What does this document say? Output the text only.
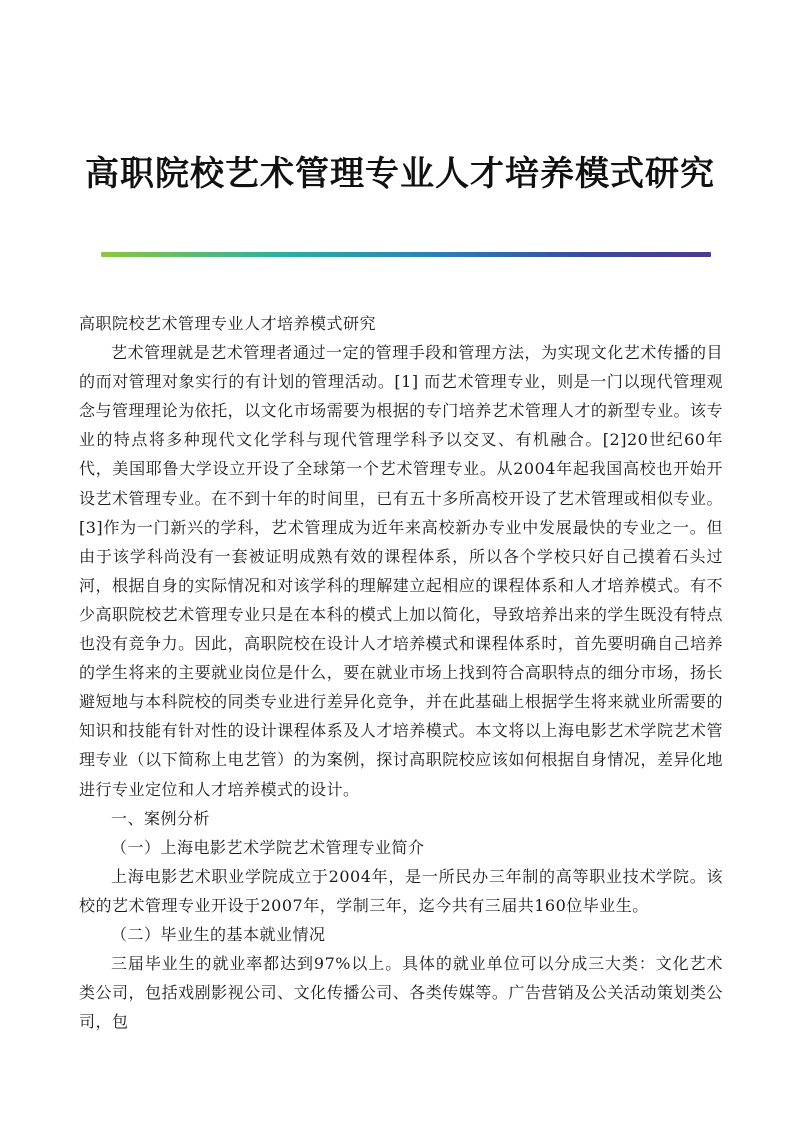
高职院校艺术管理专业人才培养模式研究

高职院校艺术管理专业人才培养模式研究

艺术管理就是艺术管理者通过一定的管理手段和管理方法，为实现文化艺术传播的目的而对管理对象实行的有计划的管理活动。[1] 而艺术管理专业，则是一门以现代管理观念与管理理论为依托，以文化市场需要为根据的专门培养艺术管理人才的新型专业。该专业的特点将多种现代文化学科与现代管理学科予以交叉、有机融合。[2]20世纪60年代，美国耶鲁大学设立开设了全球第一个艺术管理专业。从2004年起我国高校也开始开设艺术管理专业。在不到十年的时间里，已有五十多所高校开设了艺术管理或相似专业。[3]作为一门新兴的学科，艺术管理成为近年来高校新办专业中发展最快的专业之一。但由于该学科尚没有一套被证明成熟有效的课程体系，所以各个学校只好自己摸着石头过河，根据自身的实际情况和对该学科的理解建立起相应的课程体系和人才培养模式。有不少高职院校艺术管理专业只是在本科的模式上加以简化，导致培养出来的学生既没有特点也没有竞争力。因此，高职院校在设计人才培养模式和课程体系时，首先要明确自己培养的学生将来的主要就业岗位是什么，要在就业市场上找到符合高职特点的细分市场，扬长避短地与本科院校的同类专业进行差异化竞争，并在此基础上根据学生将来就业所需要的知识和技能有针对性的设计课程体系及人才培养模式。本文将以上海电影艺术学院艺术管理专业（以下简称上电艺管）的为案例，探讨高职院校应该如何根据自身情况，差异化地进行专业定位和人才培养模式的设计。

一、案例分析

（一）上海电影艺术学院艺术管理专业简介

上海电影艺术职业学院成立于2004年，是一所民办三年制的高等职业技术学院。该校的艺术管理专业开设于2007年，学制三年，迄今共有三届共160位毕业生。

（二）毕业生的基本就业情况

三届毕业生的就业率都达到97%以上。具体的就业单位可以分成三大类：文化艺术类公司，包括戏剧影视公司、文化传播公司、各类传媒等。广告营销及公关活动策划类公司，包
